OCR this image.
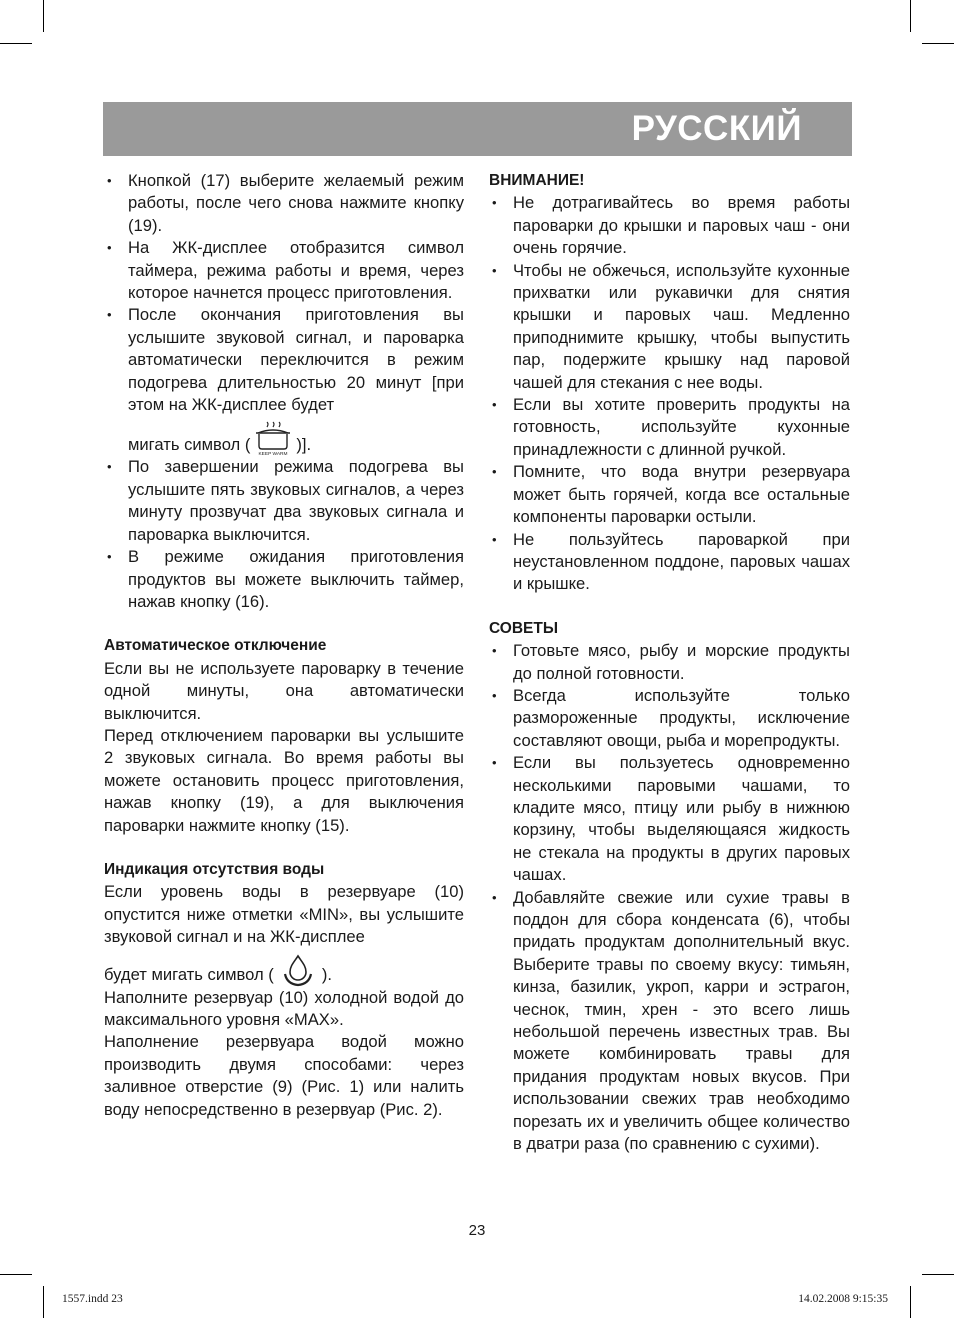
РУССКИЙ
• Кнопкой (17) выберите желаемый режим работы, после чего снова нажмите кнопку (19).
• На ЖК-дисплее отобразится символ таймера, режима работы и время, через которое начнется процесс приготовления.
• После окончания приготовления вы услышите звуковой сигнал, и пароварка автоматически переключится в режим подогрева длительностью 20 минут [при этом на ЖК-дисплее будет
мигать символ (
KEEP WARM
)].
• По завершении режима подогрева вы услышите пять звуковых сигналов, а через минуту прозвучат два звуковых сигнала и пароварка выключится.
• В режиме ожидания приготовления продуктов вы можете выключить таймер, нажав кнопку (16).
Автоматическое отключение

Если вы не используете пароварку в течение одной минуты, она автоматически выключится.

Перед отключением пароварки вы услышите 2 звуковых сигнала. Во время работы вы можете остановить процесс приготовления, нажав кнопку (19), а для выключения пароварки нажмите кнопку (15).

Индикация отсутствия воды

Если уровень воды в резервуаре (10) опустится ниже отметки «MIN», вы услышите звуковой сигнал и на ЖК-дисплее

будет мигать символ (	).

Наполните резервуар (10) холодной водой до максимального уровня «MAX».

Наполнение резервуара водой можно производить двумя способами: через заливное отверстие (9) (Рис. 1) или налить воду непосредственно в резервуар (Рис. 2).

ВНИМАНИЕ!
• Не дотрагивайтесь во время работы пароварки до крышки и паровых чаш - они очень горячие.
• Чтобы не обжечься, используйте кухонные прихватки или рукавички для снятия крышки и паровых чаш. Медленно приподнимите крышку, чтобы выпустить пар, подержите крышку над паровой чашей для стекания с нее воды.
• Если вы хотите проверить продукты на готовность, используйте кухонные принадлежности с длинной ручкой.
• Помните, что вода внутри резервуара может быть горячей, когда все остальные компоненты пароварки остыли.
• Не пользуйтесь пароваркой при неустановленном поддоне, паровых чашах и крышке.
СОВЕТЫ
• Готовьте мясо, рыбу и морские продукты до полной готовности.
• Всегда используйте только размороженные продукты, исключение составляют овощи, рыба и морепродукты.
• Если вы пользуетесь одновременно несколькими паровыми чашами, то кладите мясо, птицу или рыбу в нижнюю корзину, чтобы выделяющаяся жидкость не стекала на продукты в других паровых чашах.
• Добавляйте свежие или сухие травы в поддон для сбора конденсата (6), чтобы придать продуктам дополнительный вкус. Выберите травы по своему вкусу: тимьян, кинза, базилик, укроп, карри и эстрагон, чеснок, тмин, хрен - это всего лишь небольшой перечень известных трав. Вы можете комбинировать травы для придания продуктам новых вкусов. При использовании свежих трав необходимо порезать их и увеличить общее количество в дватри раза (по сравнению с сухими).
23
1557.indd 23	14.02.2008 9:15:35
